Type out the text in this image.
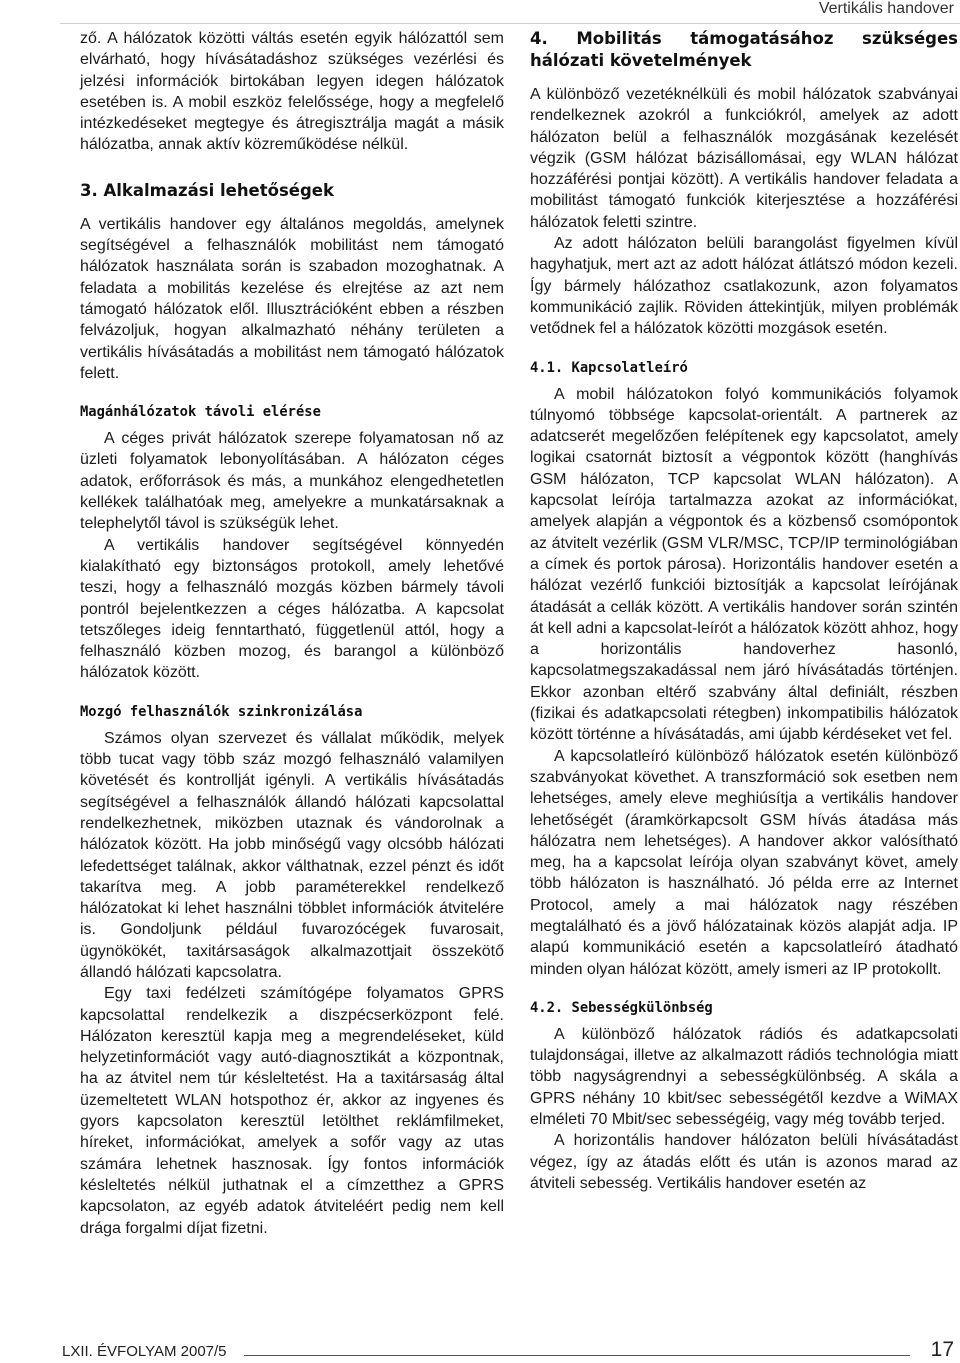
Vertikális handover

ző. A hálózatok közötti váltás esetén egyik hálózattól sem elvárható, hogy hívásátadáshoz szükséges vezérlési és jelzési információk birtokában legyen idegen hálózatok esetében is. A mobil eszköz felelőssége, hogy a megfelelő intézkedéseket megtegye és átregisztrálja magát a másik hálózatba, annak aktív közreműködése nélkül.

3. Alkalmazási lehetőségek

A vertikális handover egy általános megoldás, amelynek segítségével a felhasználók mobilitást nem támogató hálózatok használata során is szabadon mozoghatnak. A feladata a mobilitás kezelése és elrejtése az azt nem támogató hálózatok elől. Illusztrációként ebben a részben felvázoljuk, hogyan alkalmazható néhány területen a vertikális hívásátadás a mobilitást nem támogató hálózatok felett.

Magánhálózatok távoli elérése

A céges privát hálózatok szerepe folyamatosan nő az üzleti folyamatok lebonyolításában. A hálózaton céges adatok, erőforrások és más, a munkához elengedhetetlen kellékek találhatóak meg, amelyekre a munkatársaknak a telephelytől távol is szükségük lehet.

A vertikális handover segítségével könnyedén kialakítható egy biztonságos protokoll, amely lehetővé teszi, hogy a felhasználó mozgás közben bármely távoli pontról bejelentkezzen a céges hálózatba. A kapcsolat tetszőleges ideig fenntartható, függetlenül attól, hogy a felhasználó közben mozog, és barangol a különböző hálózatok között.

Mozgó felhasználók szinkronizálása

Számos olyan szervezet és vállalat működik, melyek több tucat vagy több száz mozgó felhasználó valamilyen követését és kontrollját igényli. A vertikális hívásátadás segítségével a felhasználók állandó hálózati kapcsolattal rendelkezhetnek, miközben utaznak és vándorolnak a hálózatok között. Ha jobb minőségű vagy olcsóbb hálózati lefedettséget találnak, akkor válthatnak, ezzel pénzt és időt takarítva meg. A jobb paraméterekkel rendelkező hálózatokat ki lehet használni többlet információk átvitelére is. Gondoljunk például fuvarozócégek fuvarosait, ügynökökét, taxitársaságok alkalmazottjait összekötő állandó hálózati kapcsolatra.

Egy taxi fedélzeti számítógépe folyamatos GPRS kapcsolattal rendelkezik a diszpécserközpont felé. Hálózaton keresztül kapja meg a megrendeléseket, küld helyzetinformációt vagy autó-diagnosztikát a központnak, ha az átvitel nem túr késleltetést. Ha a taxitársaság által üzemeltetett WLAN hotspothoz ér, akkor az ingyenes és gyors kapcsolaton keresztül letölthet reklámfilmeket, híreket, információkat, amelyek a sofőr vagy az utas számára lehetnek hasznosak. Így fontos információk késleltetés nélkül juthatnak el a címzetthez a GPRS kapcsolaton, az egyéb adatok átviteléért pedig nem kell drága forgalmi díjat fizetni.

4. Mobilitás támogatásához szükséges hálózati követelmények

A különböző vezetéknélküli és mobil hálózatok szabványai rendelkeznek azokról a funkciókról, amelyek az adott hálózaton belül a felhasználók mozgásának kezelését végzik (GSM hálózat bázisállomásai, egy WLAN hálózat hozzáférési pontjai között). A vertikális handover feladata a mobilitást támogató funkciók kiterjesztése a hozzáférési hálózatok feletti szintre.

Az adott hálózaton belüli barangolást figyelmen kívül hagyhatjuk, mert azt az adott hálózat átlátszó módon kezeli. Így bármely hálózathoz csatlakozunk, azon folyamatos kommunikáció zajlik. Röviden áttekintjük, milyen problémák vetődnek fel a hálózatok közötti mozgások esetén.

4.1. Kapcsolatleíró

A mobil hálózatokon folyó kommunikációs folyamok túlnyomó többsége kapcsolat-orientált. A partnerek az adatcserét megelőzően felépítenek egy kapcsolatot, amely logikai csatornát biztosít a végpontok között (hanghívás GSM hálózaton, TCP kapcsolat WLAN hálózaton). A kapcsolat leírója tartalmazza azokat az információkat, amelyek alapján a végpontok és a közbenső csomópontok az átvitelt vezérlik (GSM VLR/MSC, TCP/IP terminológiában a címek és portok párosa). Horizontális handover esetén a hálózat vezérlő funkciói biztosítják a kapcsolat leírójának átadását a cellák között. A vertikális handover során szintén át kell adni a kapcsolat-leírót a hálózatok között ahhoz, hogy a horizontális handoverhez hasonló, kapcsolatmegszakadással nem járó hívásátadás történjen. Ekkor azonban eltérő szabvány által definiált, részben (fizikai és adatkapcsolati rétegben) inkompatibilis hálózatok között történne a hívásátadás, ami újabb kérdéseket vet fel.

A kapcsolatleíró különböző hálózatok esetén különböző szabványokat követhet. A transzformáció sok esetben nem lehetséges, amely eleve meghiúsítja a vertikális handover lehetőségét (áramkörkapcsolt GSM hívás átadása más hálózatra nem lehetséges). A handover akkor valósítható meg, ha a kapcsolat leírója olyan szabványt követ, amely több hálózaton is használható. Jó példa erre az Internet Protocol, amely a mai hálózatok nagy részében megtalálható és a jövő hálózatainak közös alapját adja. IP alapú kommunikáció esetén a kapcsolatleíró átadható minden olyan hálózat között, amely ismeri az IP protokollt.

4.2. Sebességkülönbség

A különböző hálózatok rádiós és adatkapcsolati tulajdonságai, illetve az alkalmazott rádiós technológia miatt több nagyságrendnyi a sebességkülönbség. A skála a GPRS néhány 10 kbit/sec sebességétől kezdve a WiMAX elméleti 70 Mbit/sec sebességéig, vagy még tovább terjed.

A horizontális handover hálózaton belüli hívásátadást végez, így az átadás előtt és után is azonos marad az átviteli sebesség. Vertikális handover esetén az

LXII. ÉVFOLYAM 2007/5	17
